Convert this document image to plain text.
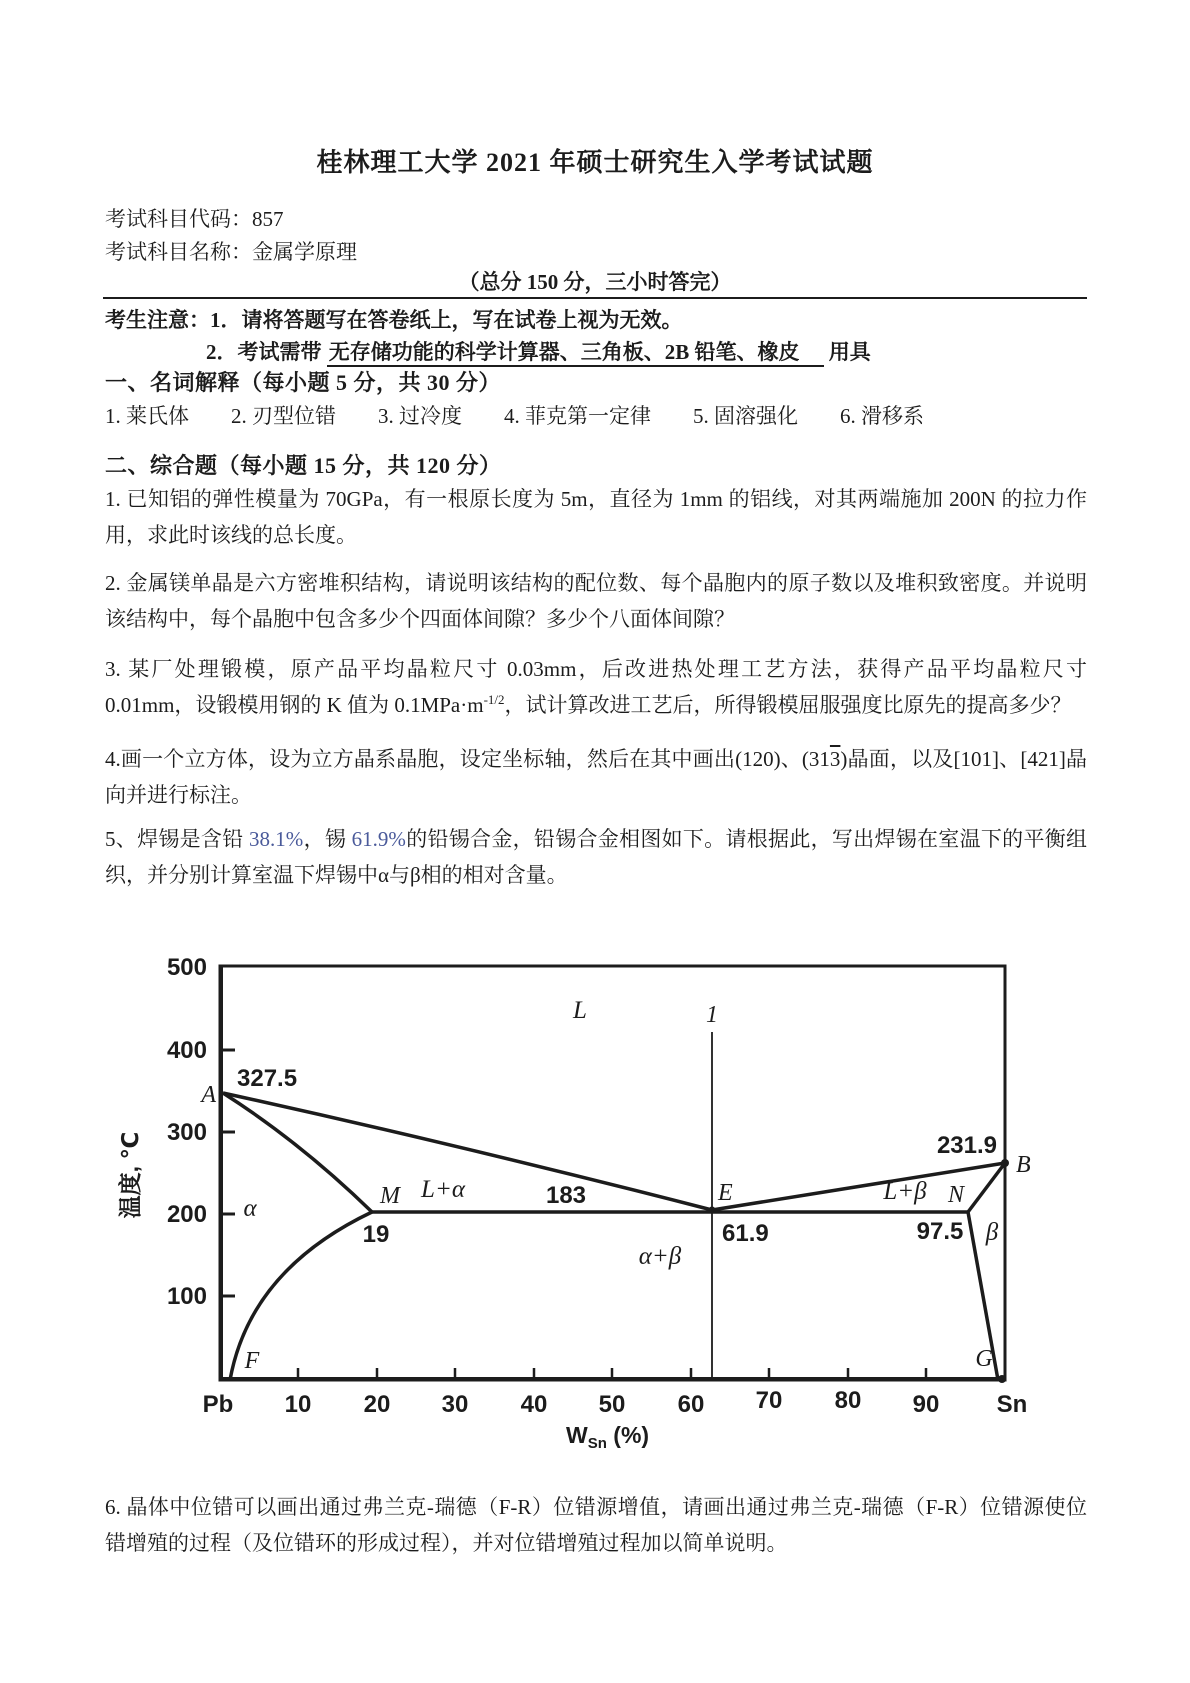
桂林理工大学 2021 年硕士研究生入学考试试题
考试科目代码：857
考试科目名称：金属学原理
（总分 150 分，三小时答完）
考生注意：1．请将答题写在答卷纸上，写在试卷上视为无效。
2．考试需带 无存储功能的科学计算器、三角板、2B 铅笔、橡皮 用具
一、名词解释（每小题 5 分，共 30 分）
1. 莱氏体　　2. 刃型位错　　3. 过冷度　　4. 菲克第一定律　　5. 固溶强化　　6. 滑移系
二、综合题（每小题 15 分，共 120 分）
1. 已知铝的弹性模量为 70GPa，有一根原长度为 5m，直径为 1mm 的铝线，对其两端施加 200N 的拉力作用，求此时该线的总长度。
2. 金属镁单晶是六方密堆积结构，请说明该结构的配位数、每个晶胞内的原子数以及堆积致密度。并说明该结构中，每个晶胞中包含多少个四面体间隙？多少个八面体间隙？
3. 某厂处理锻模，原产品平均晶粒尺寸 0.03mm，后改进热处理工艺方法，获得产品平均晶粒尺寸 0.01mm，设锻模用钢的 K 值为 $0.1MPa\cdot m^{-1/2}$，试计算改进工艺后，所得锻模屈服强度比原先的提高多少？
4.画一个立方体，设为立方晶系晶胞，设定坐标轴，然后在其中画出(120)、(313)晶面，以及[101]、[421]晶向并进行标注。
5、焊锡是含铅 38.1%，锡 61.9%的铅锡合金，铅锡合金相图如下。请根据此，写出焊锡在室温下的平衡组织，并分别计算室温下焊锡中α与β相的相对含量。
500
400
300
200
100
Pb 10 20 30 40 50 60 70 80 90 Sn
温度, ℃
$W_{Sn}$ (%)
A
B
E
M	N
F	G
327.5
231.9
183
61.9
19	97.5
1
L
α
β
L+α	L+β
α+β
6. 晶体中位错可以画出通过弗兰克-瑞德（F-R）位错源增值，请画出通过弗兰克-瑞德（F-R）位错源使位错增殖的过程（及位错环的形成过程），并对位错增殖过程加以简单说明。
